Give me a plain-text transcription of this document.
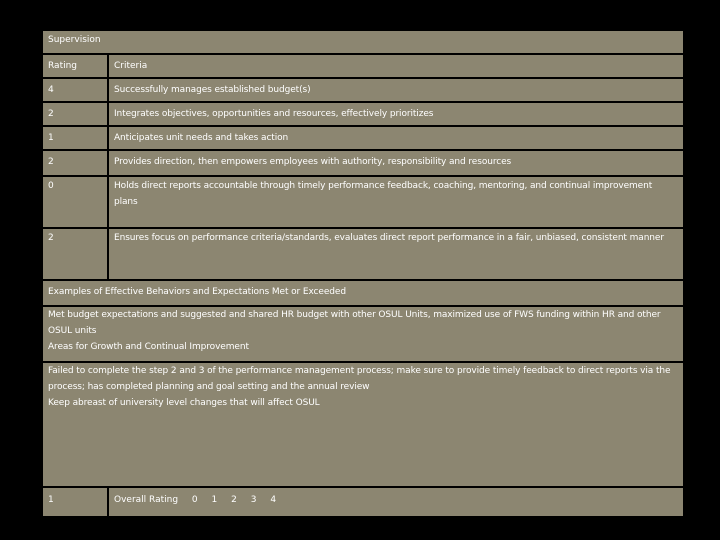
Supervision
Rating	Criteria
4	Successfully manages established budget(s)
2	Integrates objectives, opportunities and resources, effectively prioritizes
1	Anticipates unit needs and takes action
2	Provides direction, then empowers employees with authority, responsibility and resources
0	Holds direct reports accountable through timely performance feedback, coaching, mentoring, and continual improvement plans
2	Ensures focus on performance criteria/standards, evaluates direct report performance in a fair, unbiased, consistent manner
Examples of Effective Behaviors and Expectations Met or Exceeded
Met budget expectations and suggested and shared HR budget with other OSUL Units, maximized use of FWS funding within HR and other OSUL units
Areas for Growth and Continual Improvement
Failed to complete the step 2 and 3 of the performance management process; make sure to provide timely feedback to direct reports via the process; has completed planning and goal setting and the annual review
Keep abreast of university level changes that will affect OSUL
1	Overall Rating 0 1 2 3 4
